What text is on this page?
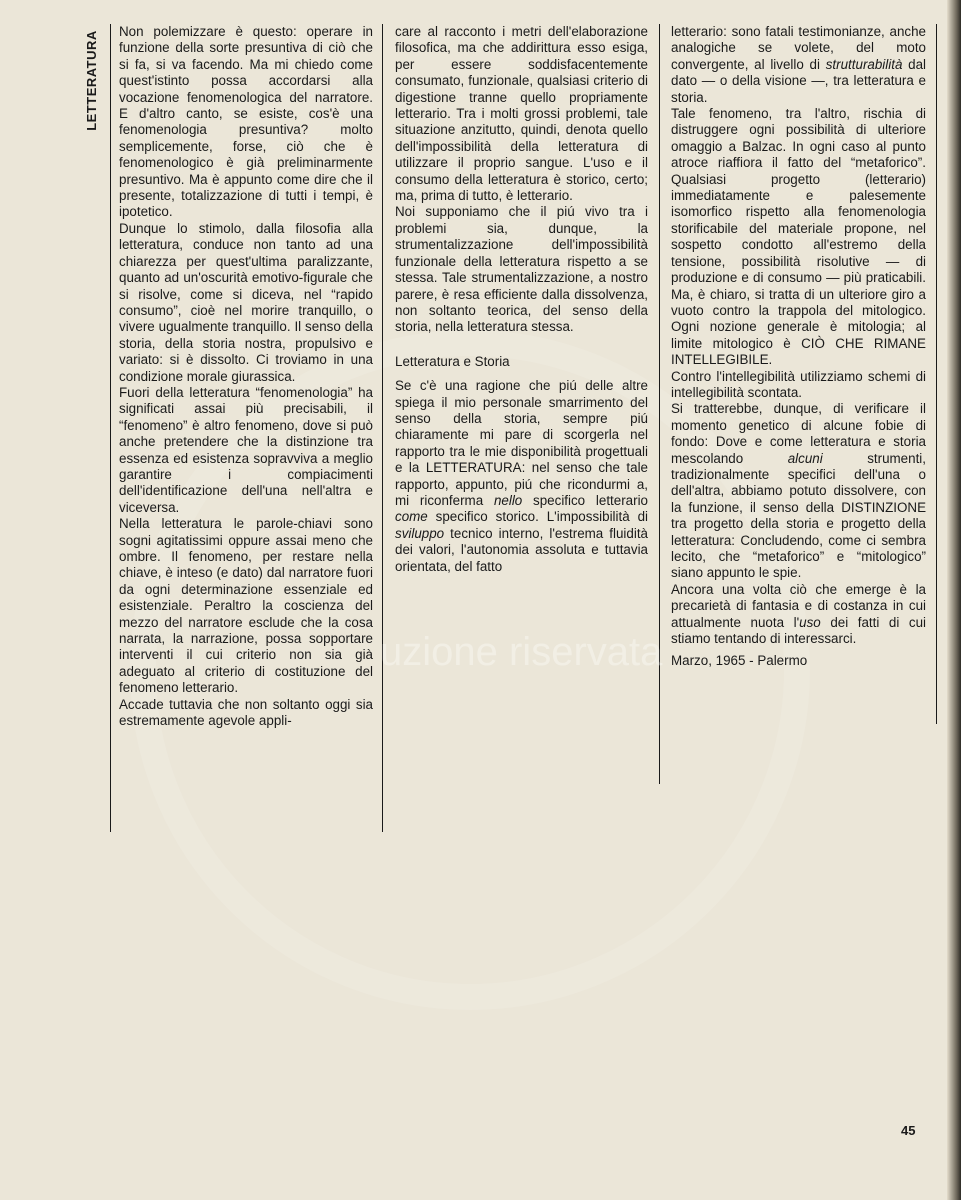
LETTERATURA Non polemizzare è questo: operare in funzione della sorte presuntiva di ciò che si fa, si va facendo. Ma mi chiedo come quest'istinto possa accordarsi alla vocazione fenomenologica del narratore. E d'altro canto, se esiste, cos'è una fenomenologia presuntiva? molto semplicemente, forse, ciò che è fenomenologico è già preliminarmente presuntivo. Ma è appunto come dire che il presente, totalizzazione di tutti i tempi, è ipotetico.

Dunque lo stimolo, dalla filosofia alla letteratura, conduce non tanto ad una chiarezza per quest'ultima paralizzante, quanto ad un'oscurità emotivo-figurale che si risolve, come si diceva, nel “rapido consumo”, cioè nel morire tranquillo, o vivere ugualmente tranquillo. Il senso della storia, della storia nostra, propulsivo e variato: si è dissolto. Ci troviamo in una condizione morale giurassica.

Fuori della letteratura “fenomenologia” ha significati assai più precisabili, il “fenomeno” è altro fenomeno, dove si può anche pretendere che la distinzione tra essenza ed esistenza sopravviva a meglio garantire i compiacimenti dell'identificazione dell'una nell'altra e viceversa.

Nella letteratura le parole-chiavi sono sogni agitatissimi oppure assai meno che ombre. Il fenomeno, per restare nella chiave, è inteso (e dato) dal narratore fuori da ogni determinazione essenziale ed esistenziale. Peraltro la coscienza del mezzo del narratore esclude che la cosa narrata, la narrazione, possa sopportare interventi il cui criterio non sia già adeguato al criterio di costituzione del fenomeno letterario.

Accade tuttavia che non soltanto oggi sia estremamente agevole appli-

care al racconto i metri dell'elaborazione filosofica, ma che addirittura esso esiga, per essere soddisfacentemente consumato, funzionale, qualsiasi criterio di digestione tranne quello propriamente letterario. Tra i molti grossi problemi, tale situazione anzitutto, quindi, denota quello dell'impossibilità della letteratura di utilizzare il proprio sangue. L'uso e il consumo della letteratura è storico, certo; ma, prima di tutto, è letterario.

Noi supponiamo che il piú vivo tra i problemi sia, dunque, la strumentalizzazione dell'impossibilità funzionale della letteratura rispetto a se stessa. Tale strumentalizzazione, a nostro parere, è resa efficiente dalla dissolvenza, non soltanto teorica, del senso della storia, nella letteratura stessa.

Letteratura e Storia

Se c'è una ragione che piú delle altre spiega il mio personale smarrimento del senso della storia, sempre piú chiaramente mi pare di scorgerla nel rapporto tra le mie disponibilità progettuali e la LETTERATURA: nel senso che tale rapporto, appunto, piú che ricondurmi a, mi riconferma nello specifico letterario come specifico storico. L'impossibilità di sviluppo tecnico interno, l'estrema fluidità dei valori, l'autonomia assoluta e tuttavia orientata, del fatto

letterario: sono fatali testimonianze, anche analogiche se volete, del moto convergente, al livello di strutturabilità dal dato — o della visione —, tra letteratura e storia.

Tale fenomeno, tra l'altro, rischia di distruggere ogni possibilità di ulteriore omaggio a Balzac. In ogni caso al punto atroce riaffiora il fatto del “metaforico”. Qualsiasi progetto (letterario) immediatamente e palesemente isomorfico rispetto alla fenomenologia storificabile del materiale propone, nel sospetto condotto all'estremo della tensione, possibilità risolutive — di produzione e di consumo — più praticabili. Ma, è chiaro, si tratta di un ulteriore giro a vuoto contro la trappola del mitologico. Ogni nozione generale è mitologia; al limite mitologico è CIÒ CHE RIMANE INTELLEGIBILE.

Contro l'intellegibilità utilizziamo schemi di intellegibilità scontata.

Si tratterebbe, dunque, di verificare il momento genetico di alcune fobie di fondo: Dove e come letteratura e storia mescolando alcuni strumenti, tradizionalmente specifici dell'una o dell'altra, abbiamo potuto dissolvere, con la funzione, il senso della DISTINZIONE tra progetto della storia e progetto della letteratura: Concludendo, come ci sembra lecito, che “metaforico” e “mitologico” siano appunto le spie.

Ancora una volta ciò che emerge è la precarietà di fantasia e di costanza in cui attualmente nuota l'uso dei fatti di cui stiamo tentando di interessarci.

Marzo, 1965 - Palermo

uzione riservata
45
